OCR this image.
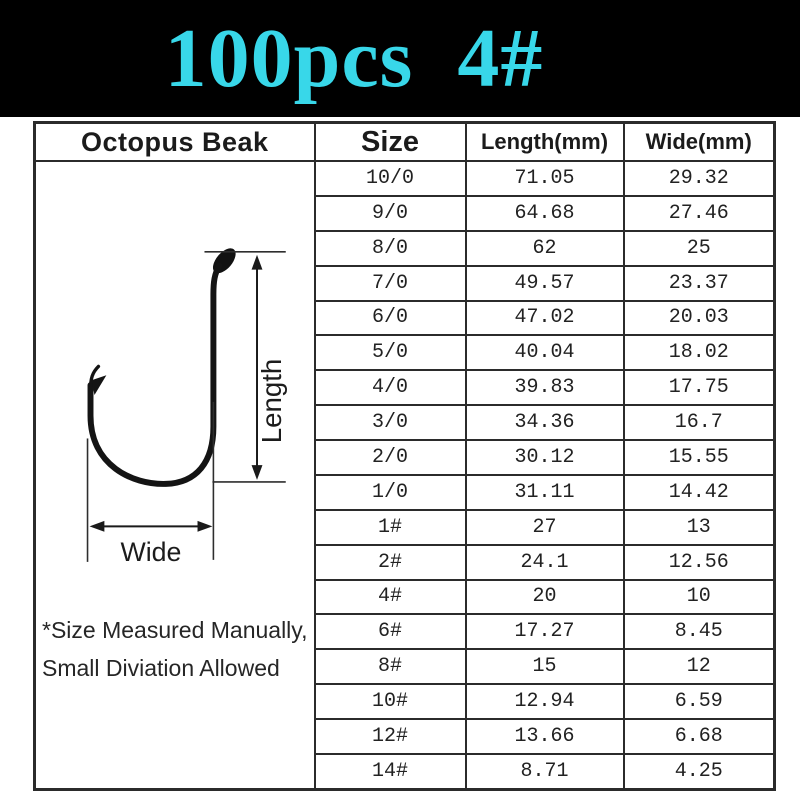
100pcs  4#
Octopus Beak	Size	Length(mm)	Wide(mm)

Length
Wide
*Size Measured Manually,
Small Diviation Allowed	10/0	71.05	29.32
	9/0	64.68	27.46
	8/0	62	25
	7/0	49.57	23.37
	6/0	47.02	20.03
	5/0	40.04	18.02
	4/0	39.83	17.75
	3/0	34.36	16.7
	2/0	30.12	15.55
	1/0	31.11	14.42
	1#	27	13
	2#	24.1	12.56
	4#	20	10
	6#	17.27	8.45
	8#	15	12
	10#	12.94	6.59
	12#	13.66	6.68
	14#	8.71	4.25
